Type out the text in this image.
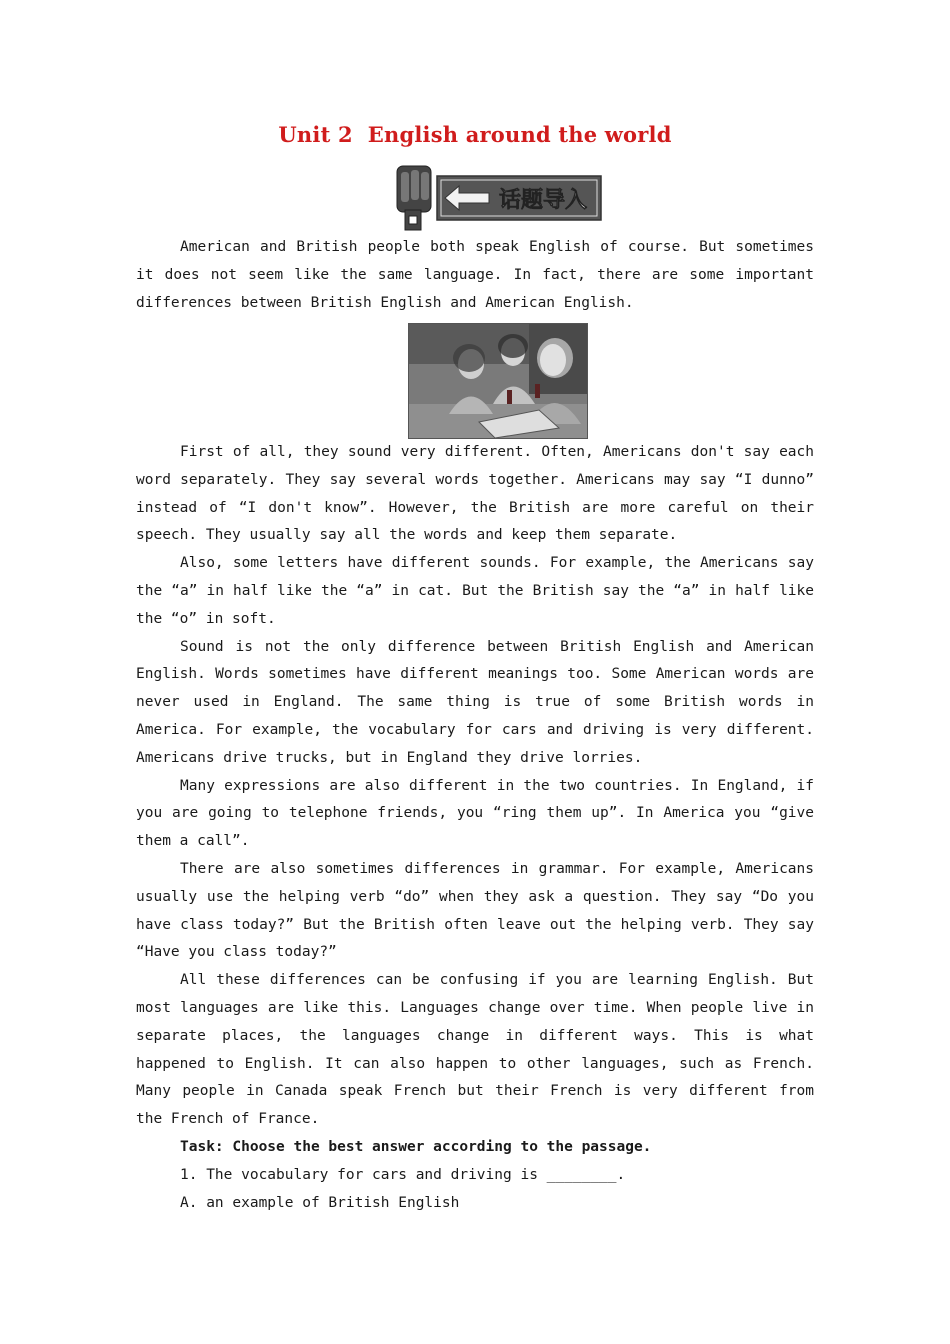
Unit 2  English around the world
话题导入

American and British people both speak English of course. But sometimes it does not seem like the same language. In fact, there are some important differences between British English and American English.

First of all, they sound very different. Often, Americans don't say each word separately. They say several words together. Americans may say “I dunno” instead of “I don't know”. However, the British are more careful on their speech. They usually say all the words and keep them separate.

Also, some letters have different sounds. For example, the Americans say the “a” in half like the “a” in cat. But the British say the “a” in half like the “o” in soft.

Sound is not the only difference between British English and American English. Words sometimes have different meanings too. Some American words are never used in England. The same thing is true of some British words in America. For example, the vocabulary for cars and driving is very different. Americans drive trucks, but in England they drive lorries.

Many expressions are also different in the two countries. In England, if you are going to telephone friends, you “ring them up”. In America you “give them a call”.

There are also sometimes differences in grammar. For example, Americans usually use the helping verb “do” when they ask a question. They say “Do you have class today?” But the British often leave out the helping verb. They say “Have you class today?”

All these differences can be confusing if you are learning English. But most languages are like this. Languages change over time. When people live in separate places, the languages change in different ways. This is what happened to English. It can also happen to other languages, such as French. Many people in Canada speak French but their French is very different from the French of France.

Task: Choose the best answer according to the passage.

1. The vocabulary for cars and driving is ________.

A. an example of British English
